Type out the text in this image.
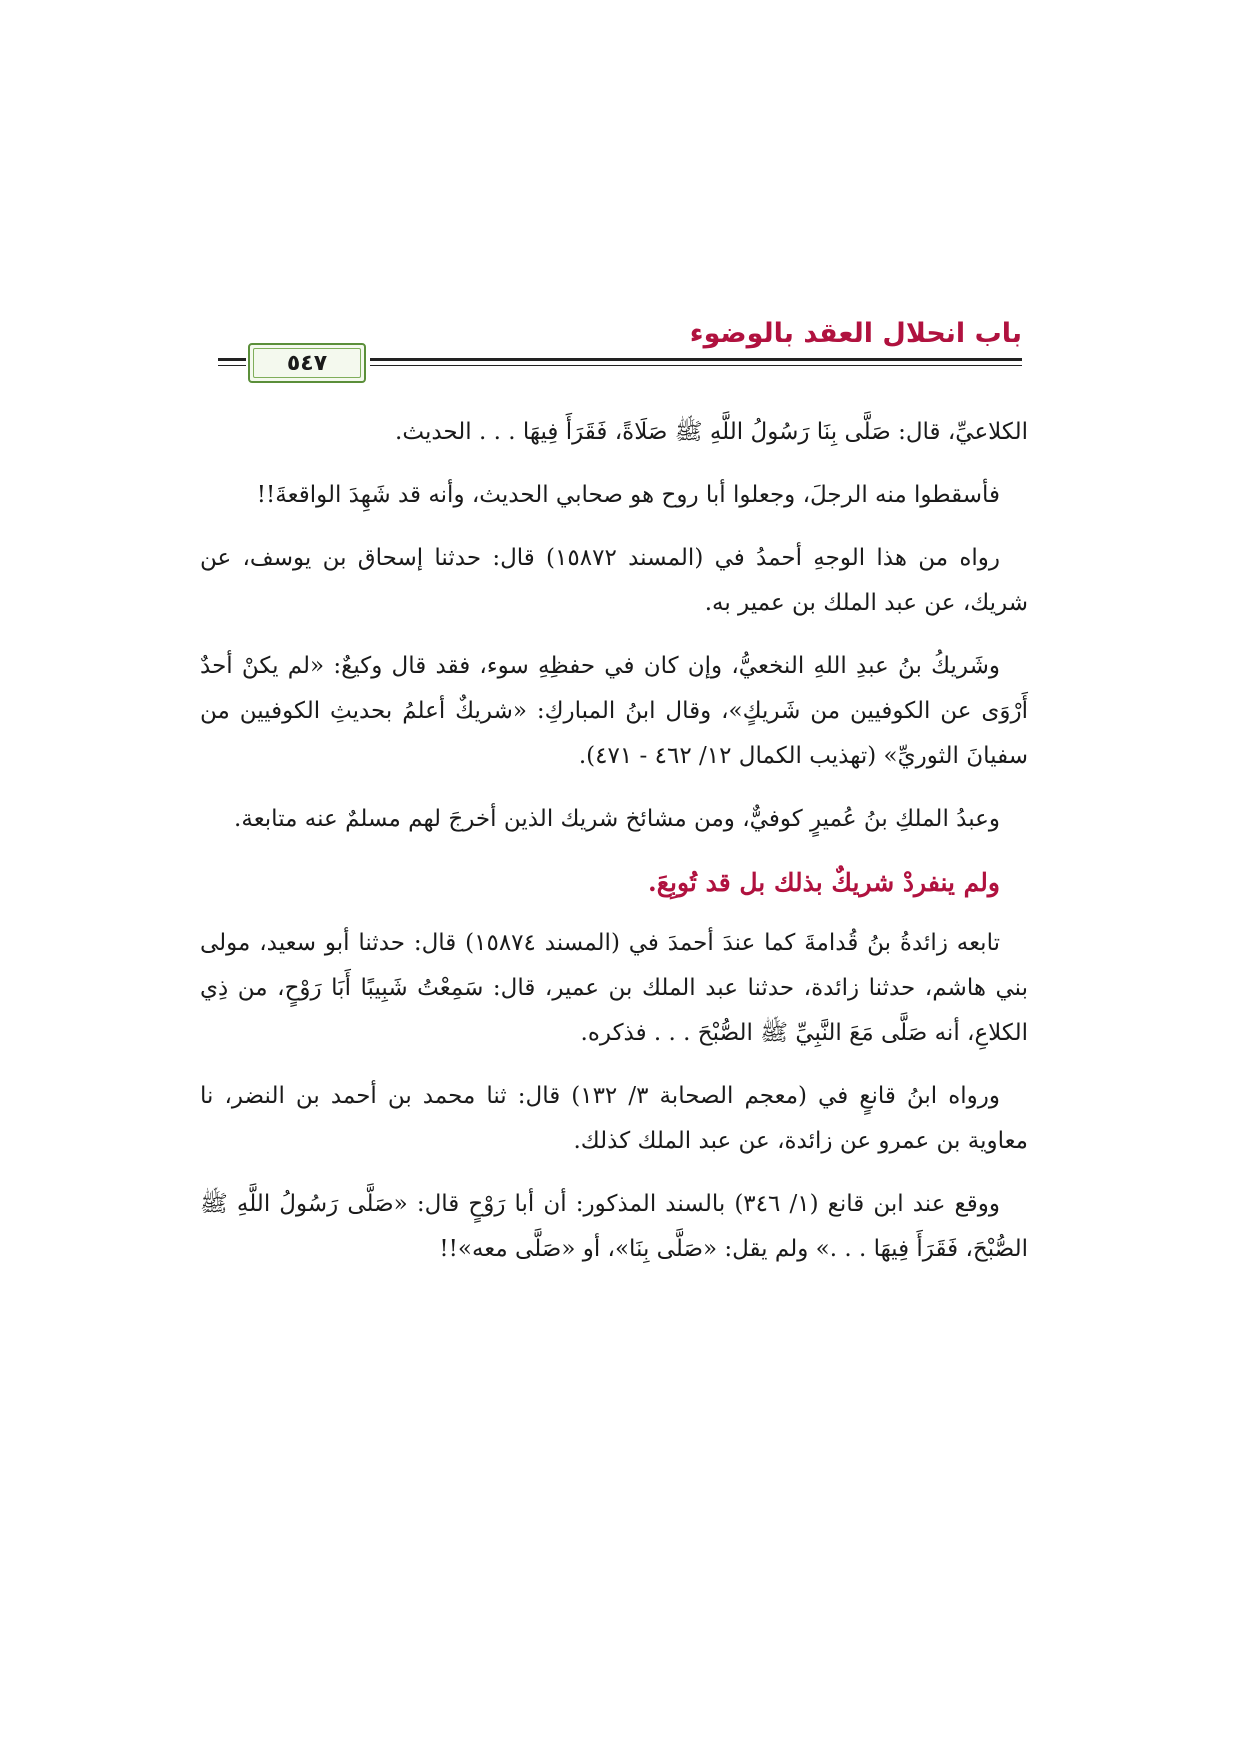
٥٤٧
باب انحلال العقد بالوضوء

الكلاعيِّ، قال: صَلَّى بِنَا رَسُولُ اللَّهِ ﷺ صَلَاةً، فَقَرَأَ فِيهَا . . . الحديث.

فأسقطوا منه الرجلَ، وجعلوا أبا روح هو صحابي الحديث، وأنه قد شَهِدَ الواقعةَ!!

رواه من هذا الوجهِ أحمدُ في (المسند ١٥٨٧٢) قال: حدثنا إسحاق بن يوسف، عن شريك، عن عبد الملك بن عمير به.

وشَريكُ بنُ عبدِ اللهِ النخعيُّ، وإن كان في حفظِهِ سوء، فقد قال وكيعٌ: «لم يكنْ أحدٌ أَرْوَى عن الكوفيين من شَريكٍ»، وقال ابنُ المباركِ: «شريكٌ أعلمُ بحديثِ الكوفيين من سفيانَ الثوريِّ» (تهذيب الكمال ١٢/ ٤٦٢ - ٤٧١).

وعبدُ الملكِ بنُ عُميرٍ كوفيٌّ، ومن مشائخ شريك الذين أخرجَ لهم مسلمٌ عنه متابعة.

ولم ينفردْ شريكٌ بذلك بل قد تُوبِعَ.

تابعه زائدةُ بنُ قُدامةَ كما عندَ أحمدَ في (المسند ١٥٨٧٤) قال: حدثنا أبو سعيد، مولى بني هاشم، حدثنا زائدة، حدثنا عبد الملك بن عمير، قال: سَمِعْتُ شَبِيبًا أَبَا رَوْحٍ، من ذِي الكلاعِ، أنه صَلَّى مَعَ النَّبِيِّ ﷺ الصُّبْحَ . . . فذكره.

ورواه ابنُ قانعٍ في (معجم الصحابة ٣/ ١٣٢) قال: ثنا محمد بن أحمد بن النضر، نا معاوية بن عمرو عن زائدة، عن عبد الملك كذلك.

ووقع عند ابن قانع (١/ ٣٤٦) بالسند المذكور: أن أبا رَوْحٍ قال: «صَلَّى رَسُولُ اللَّهِ ﷺ الصُّبْحَ، فَقَرَأَ فِيهَا . . .» ولم يقل: «صَلَّى بِنَا»، أو «صَلَّى معه»!!
